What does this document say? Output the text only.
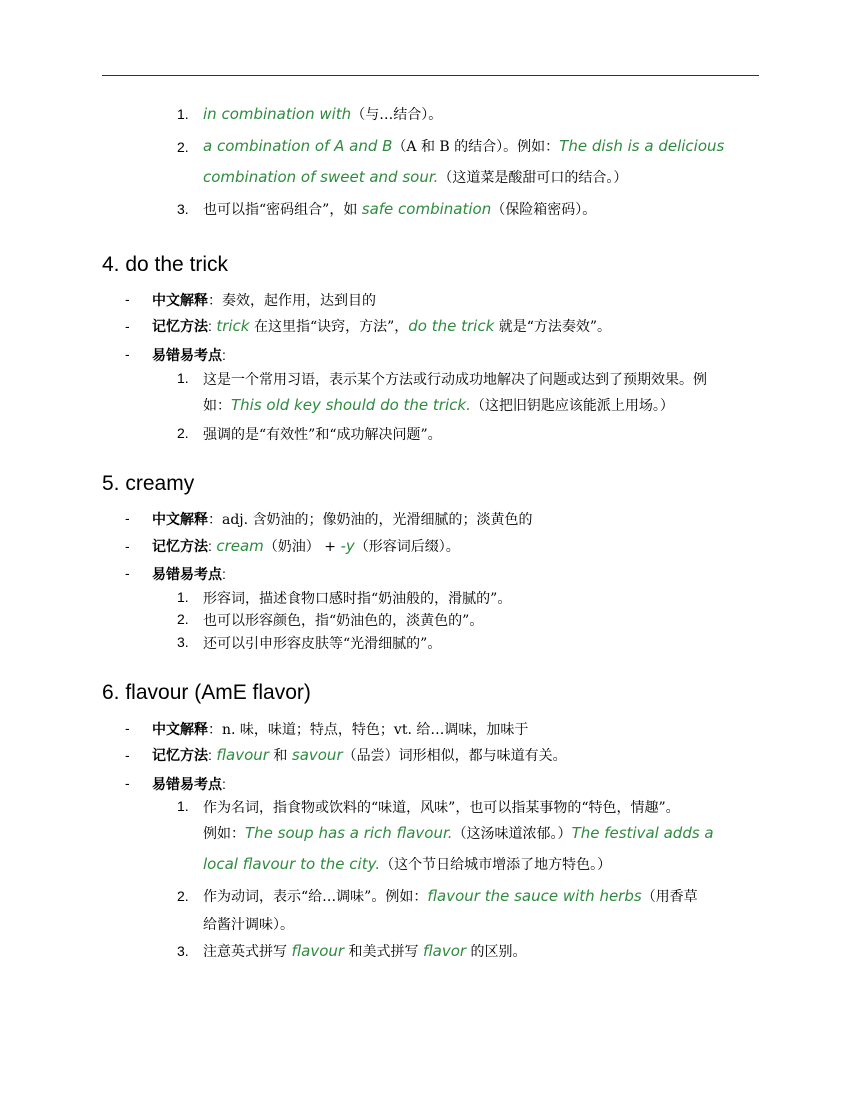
1. in combination with（与…结合）。
2. a combination of A and B（A 和 B 的结合）。例如：The dish is a delicious
combination of sweet and sour.（这道菜是酸甜可口的结合。）
3. 也可以指“密码组合”，如 safe combination（保险箱密码）。
4. do the trick
- 中文解释：奏效，起作用，达到目的
- 记忆方法: trick 在这里指“诀窍，方法”，do the trick 就是“方法奏效”。
- 易错易考点:
1. 这是一个常用习语，表示某个方法或行动成功地解决了问题或达到了预期效果。例
如：This old key should do the trick.（这把旧钥匙应该能派上用场。）
2. 强调的是“有效性”和“成功解决问题”。
5. creamy
- 中文解释：adj. 含奶油的；像奶油的，光滑细腻的；淡黄色的
- 记忆方法: cream（奶油） + -y（形容词后缀）。
- 易错易考点:
1. 形容词，描述食物口感时指“奶油般的，滑腻的”。
2. 也可以形容颜色，指“奶油色的，淡黄色的”。
3. 还可以引申形容皮肤等“光滑细腻的”。
6. flavour (AmE flavor)
- 中文解释：n. 味，味道；特点，特色；vt. 给…调味，加味于
- 记忆方法: flavour 和 savour（品尝）词形相似，都与味道有关。
- 易错易考点:
1. 作为名词，指食物或饮料的“味道，风味”，也可以指某事物的“特色，情趣”。
例如：The soup has a rich flavour.（这汤味道浓郁。）The festival adds a
local flavour to the city.（这个节日给城市增添了地方特色。）
2. 作为动词，表示“给…调味”。例如：flavour the sauce with herbs（用香草
给酱汁调味）。
3. 注意英式拼写 flavour 和美式拼写 flavor 的区别。
